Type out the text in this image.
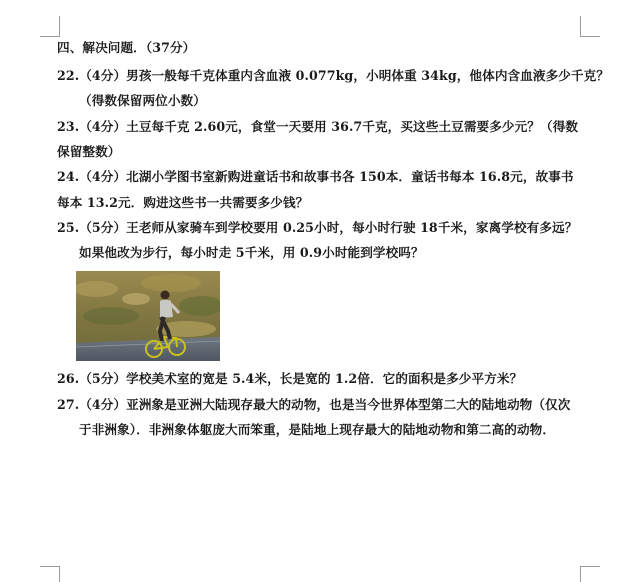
四、解决问题．（37分）
22.（4分）男孩一般每千克体重内含血液 0.077kg，小明体重 34kg，他体内含血液多少千克？
（得数保留两位小数）
23.（4分）土豆每千克 2.60元，食堂一天要用 36.7千克，买这些土豆需要多少元？（得数
保留整数）
24.（4分）北湖小学图书室新购进童话书和故事书各 150本．童话书每本 16.8元，故事书
每本 13.2元．购进这些书一共需要多少钱？
25.（5分）王老师从家骑车到学校要用 0.25小时，每小时行驶 18千米，家离学校有多远？
如果他改为步行，每小时走 5千米，用 0.9小时能到学校吗？
26.（5分）学校美术室的宽是 5.4米，长是宽的 1.2倍．它的面积是多少平方米？
27.（4分）亚洲象是亚洲大陆现存最大的动物，也是当今世界体型第二大的陆地动物（仅次
于非洲象）．非洲象体躯庞大而笨重，是陆地上现存最大的陆地动物和第二高的动物．
